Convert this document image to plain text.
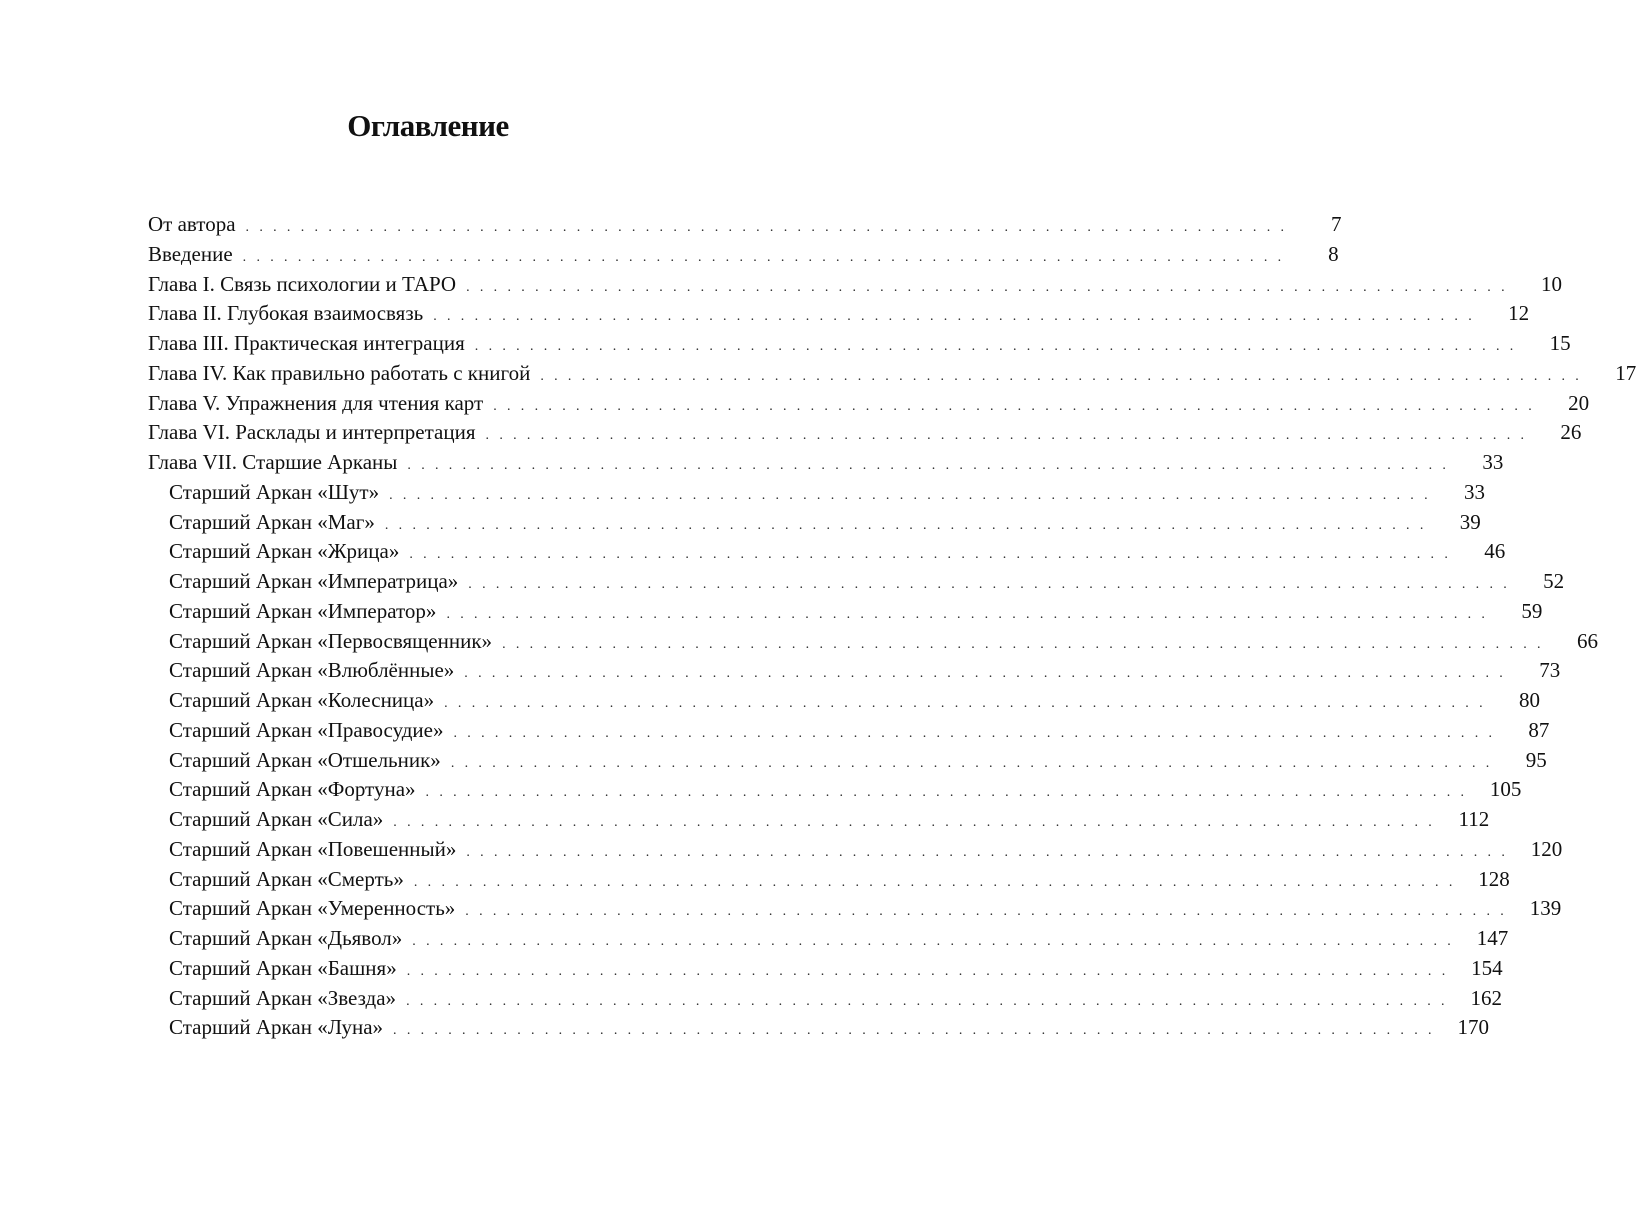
Оглавление
От автора . . . . . . . . . . . . . . . . . . . . . . . . . . . . . . . . . . . . . . . . . . . . . . . . . . . . . . . . . . . . . . . . . . . . . . . . . . . .	7
Введение . . . . . . . . . . . . . . . . . . . . . . . . . . . . . . . . . . . . . . . . . . . . . . . . . . . . . . . . . . . . . . . . . . . . . . . . . . . .	8
Глава I. Связь психологии и ТАРО . . . . . . . . . . . . . . . . . . . . . . . . . . . . . . . . . . . . . . . . . . . . . . . . . . . . . . . . . . . . . . . . . . . . . . . . . . . .	10
Глава II. Глубокая взаимосвязь . . . . . . . . . . . . . . . . . . . . . . . . . . . . . . . . . . . . . . . . . . . . . . . . . . . . . . . . . . . . . . . . . . . . . . . . . . . .	12
Глава III. Практическая интеграция . . . . . . . . . . . . . . . . . . . . . . . . . . . . . . . . . . . . . . . . . . . . . . . . . . . . . . . . . . . . . . . . . . . . . . . . . . . .	15
Глава IV. Как правильно работать с книгой . . . . . . . . . . . . . . . . . . . . . . . . . . . . . . . . . . . . . . . . . . . . . . . . . . . . . . . . . . . . . . . . . . . . . . . . . . . .	17
Глава V. Упражнения для чтения карт . . . . . . . . . . . . . . . . . . . . . . . . . . . . . . . . . . . . . . . . . . . . . . . . . . . . . . . . . . . . . . . . . . . . . . . . . . . .	20
Глава VI. Расклады и интерпретация . . . . . . . . . . . . . . . . . . . . . . . . . . . . . . . . . . . . . . . . . . . . . . . . . . . . . . . . . . . . . . . . . . . . . . . . . . . .	26
Глава VII. Старшие Арканы . . . . . . . . . . . . . . . . . . . . . . . . . . . . . . . . . . . . . . . . . . . . . . . . . . . . . . . . . . . . . . . . . . . . . . . . . . . .	33
Старший Аркан «Шут» . . . . . . . . . . . . . . . . . . . . . . . . . . . . . . . . . . . . . . . . . . . . . . . . . . . . . . . . . . . . . . . . . . . . . . . . . . . .	33
Старший Аркан «Маг» . . . . . . . . . . . . . . . . . . . . . . . . . . . . . . . . . . . . . . . . . . . . . . . . . . . . . . . . . . . . . . . . . . . . . . . . . . . .	39
Старший Аркан «Жрица» . . . . . . . . . . . . . . . . . . . . . . . . . . . . . . . . . . . . . . . . . . . . . . . . . . . . . . . . . . . . . . . . . . . . . . . . . . . .	46
Старший Аркан «Императрица» . . . . . . . . . . . . . . . . . . . . . . . . . . . . . . . . . . . . . . . . . . . . . . . . . . . . . . . . . . . . . . . . . . . . . . . . . . . .	52
Старший Аркан «Император» . . . . . . . . . . . . . . . . . . . . . . . . . . . . . . . . . . . . . . . . . . . . . . . . . . . . . . . . . . . . . . . . . . . . . . . . . . . .	59
Старший Аркан «Первосвященник» . . . . . . . . . . . . . . . . . . . . . . . . . . . . . . . . . . . . . . . . . . . . . . . . . . . . . . . . . . . . . . . . . . . . . . . . . . . .	66
Старший Аркан «Влюблённые» . . . . . . . . . . . . . . . . . . . . . . . . . . . . . . . . . . . . . . . . . . . . . . . . . . . . . . . . . . . . . . . . . . . . . . . . . . . .	73
Старший Аркан «Колесница» . . . . . . . . . . . . . . . . . . . . . . . . . . . . . . . . . . . . . . . . . . . . . . . . . . . . . . . . . . . . . . . . . . . . . . . . . . . .	80
Старший Аркан «Правосудие» . . . . . . . . . . . . . . . . . . . . . . . . . . . . . . . . . . . . . . . . . . . . . . . . . . . . . . . . . . . . . . . . . . . . . . . . . . . .	87
Старший Аркан «Отшельник» . . . . . . . . . . . . . . . . . . . . . . . . . . . . . . . . . . . . . . . . . . . . . . . . . . . . . . . . . . . . . . . . . . . . . . . . . . . .	95
Старший Аркан «Фортуна» . . . . . . . . . . . . . . . . . . . . . . . . . . . . . . . . . . . . . . . . . . . . . . . . . . . . . . . . . . . . . . . . . . . . . . . . . . . .	105
Старший Аркан «Сила» . . . . . . . . . . . . . . . . . . . . . . . . . . . . . . . . . . . . . . . . . . . . . . . . . . . . . . . . . . . . . . . . . . . . . . . . . . . .	112
Старший Аркан «Повешенный» . . . . . . . . . . . . . . . . . . . . . . . . . . . . . . . . . . . . . . . . . . . . . . . . . . . . . . . . . . . . . . . . . . . . . . . . . . . .	120
Старший Аркан «Смерть» . . . . . . . . . . . . . . . . . . . . . . . . . . . . . . . . . . . . . . . . . . . . . . . . . . . . . . . . . . . . . . . . . . . . . . . . . . . .	128
Старший Аркан «Умеренность» . . . . . . . . . . . . . . . . . . . . . . . . . . . . . . . . . . . . . . . . . . . . . . . . . . . . . . . . . . . . . . . . . . . . . . . . . . . .	139
Старший Аркан «Дьявол» . . . . . . . . . . . . . . . . . . . . . . . . . . . . . . . . . . . . . . . . . . . . . . . . . . . . . . . . . . . . . . . . . . . . . . . . . . . .	147
Старший Аркан «Башня» . . . . . . . . . . . . . . . . . . . . . . . . . . . . . . . . . . . . . . . . . . . . . . . . . . . . . . . . . . . . . . . . . . . . . . . . . . . .	154
Старший Аркан «Звезда» . . . . . . . . . . . . . . . . . . . . . . . . . . . . . . . . . . . . . . . . . . . . . . . . . . . . . . . . . . . . . . . . . . . . . . . . . . . .	162
Старший Аркан «Луна» . . . . . . . . . . . . . . . . . . . . . . . . . . . . . . . . . . . . . . . . . . . . . . . . . . . . . . . . . . . . . . . . . . . . . . . . . . . .	170
